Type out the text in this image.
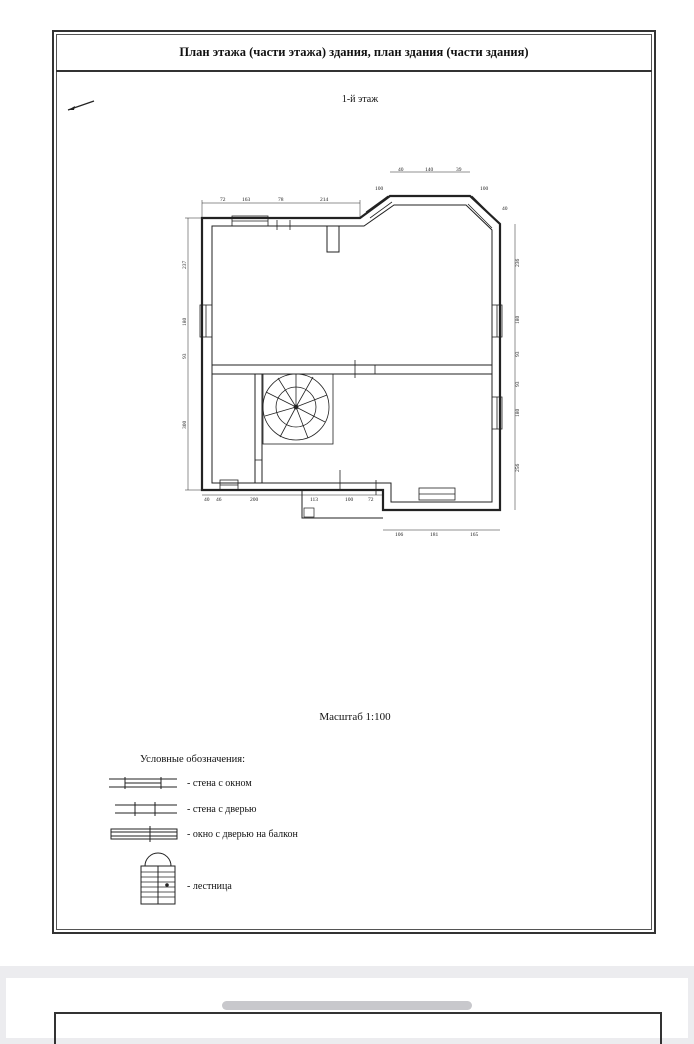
План этажа (части этажа) здания, план здания (части здания)
1-й этаж
72	163	78	214
100
40	140	39
100
40
237
180
93
300
236
180
93
93
180
256
40 46	200	113	100	72
106	181	165
Масштаб 1:100
Условные обозначения:
- стена с окном
- стена с дверью
- окно с дверью на балкон
- лестница
